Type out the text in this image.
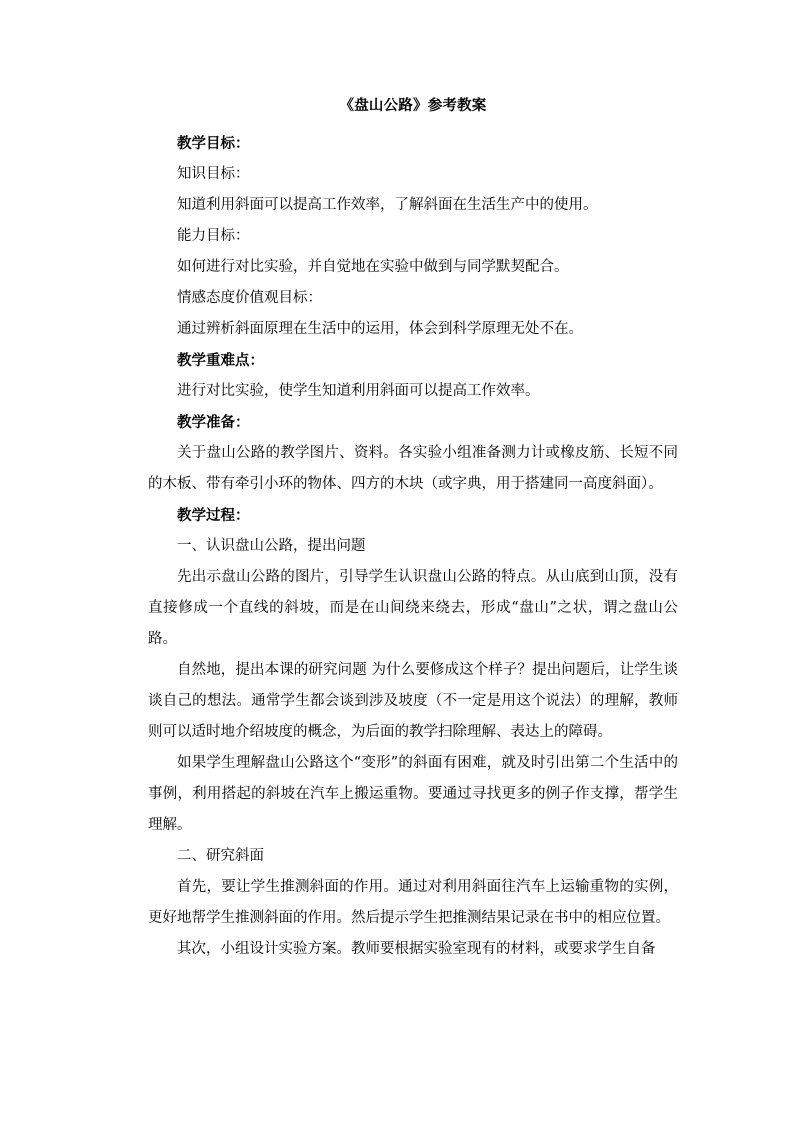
《盘山公路》参考教案

教学目标：

知识目标：

知道利用斜面可以提高工作效率，了解斜面在生活生产中的使用。

能力目标：

如何进行对比实验，并自觉地在实验中做到与同学默契配合。

情感态度价值观目标：

通过辨析斜面原理在生活中的运用，体会到科学原理无处不在。

教学重难点：

进行对比实验，使学生知道利用斜面可以提高工作效率。

教学准备：

关于盘山公路的教学图片、资料。各实验小组准备测力计或橡皮筋、长短不同的木板、带有牵引小环的物体、四方的木块（或字典，用于搭建同一高度斜面）。

教学过程：

一、认识盘山公路，提出问题

先出示盘山公路的图片，引导学生认识盘山公路的特点。从山底到山顶，没有直接修成一个直线的斜坡，而是在山间绕来绕去，形成“盘山”之状，谓之盘山公路。

自然地，提出本课的研究问题 为什么要修成这个样子？提出问题后，让学生谈谈自己的想法。通常学生都会谈到涉及坡度（不一定是用这个说法）的理解，教师则可以适时地介绍坡度的概念，为后面的教学扫除理解、表达上的障碍。

如果学生理解盘山公路这个“变形”的斜面有困难，就及时引出第二个生活中的事例，利用搭起的斜坡在汽车上搬运重物。要通过寻找更多的例子作支撑，帮学生理解。

二、研究斜面

首先，要让学生推测斜面的作用。通过对利用斜面往汽车上运输重物的实例，更好地帮学生推测斜面的作用。然后提示学生把推测结果记录在书中的相应位置。

其次，小组设计实验方案。教师要根据实验室现有的材料，或要求学生自备
